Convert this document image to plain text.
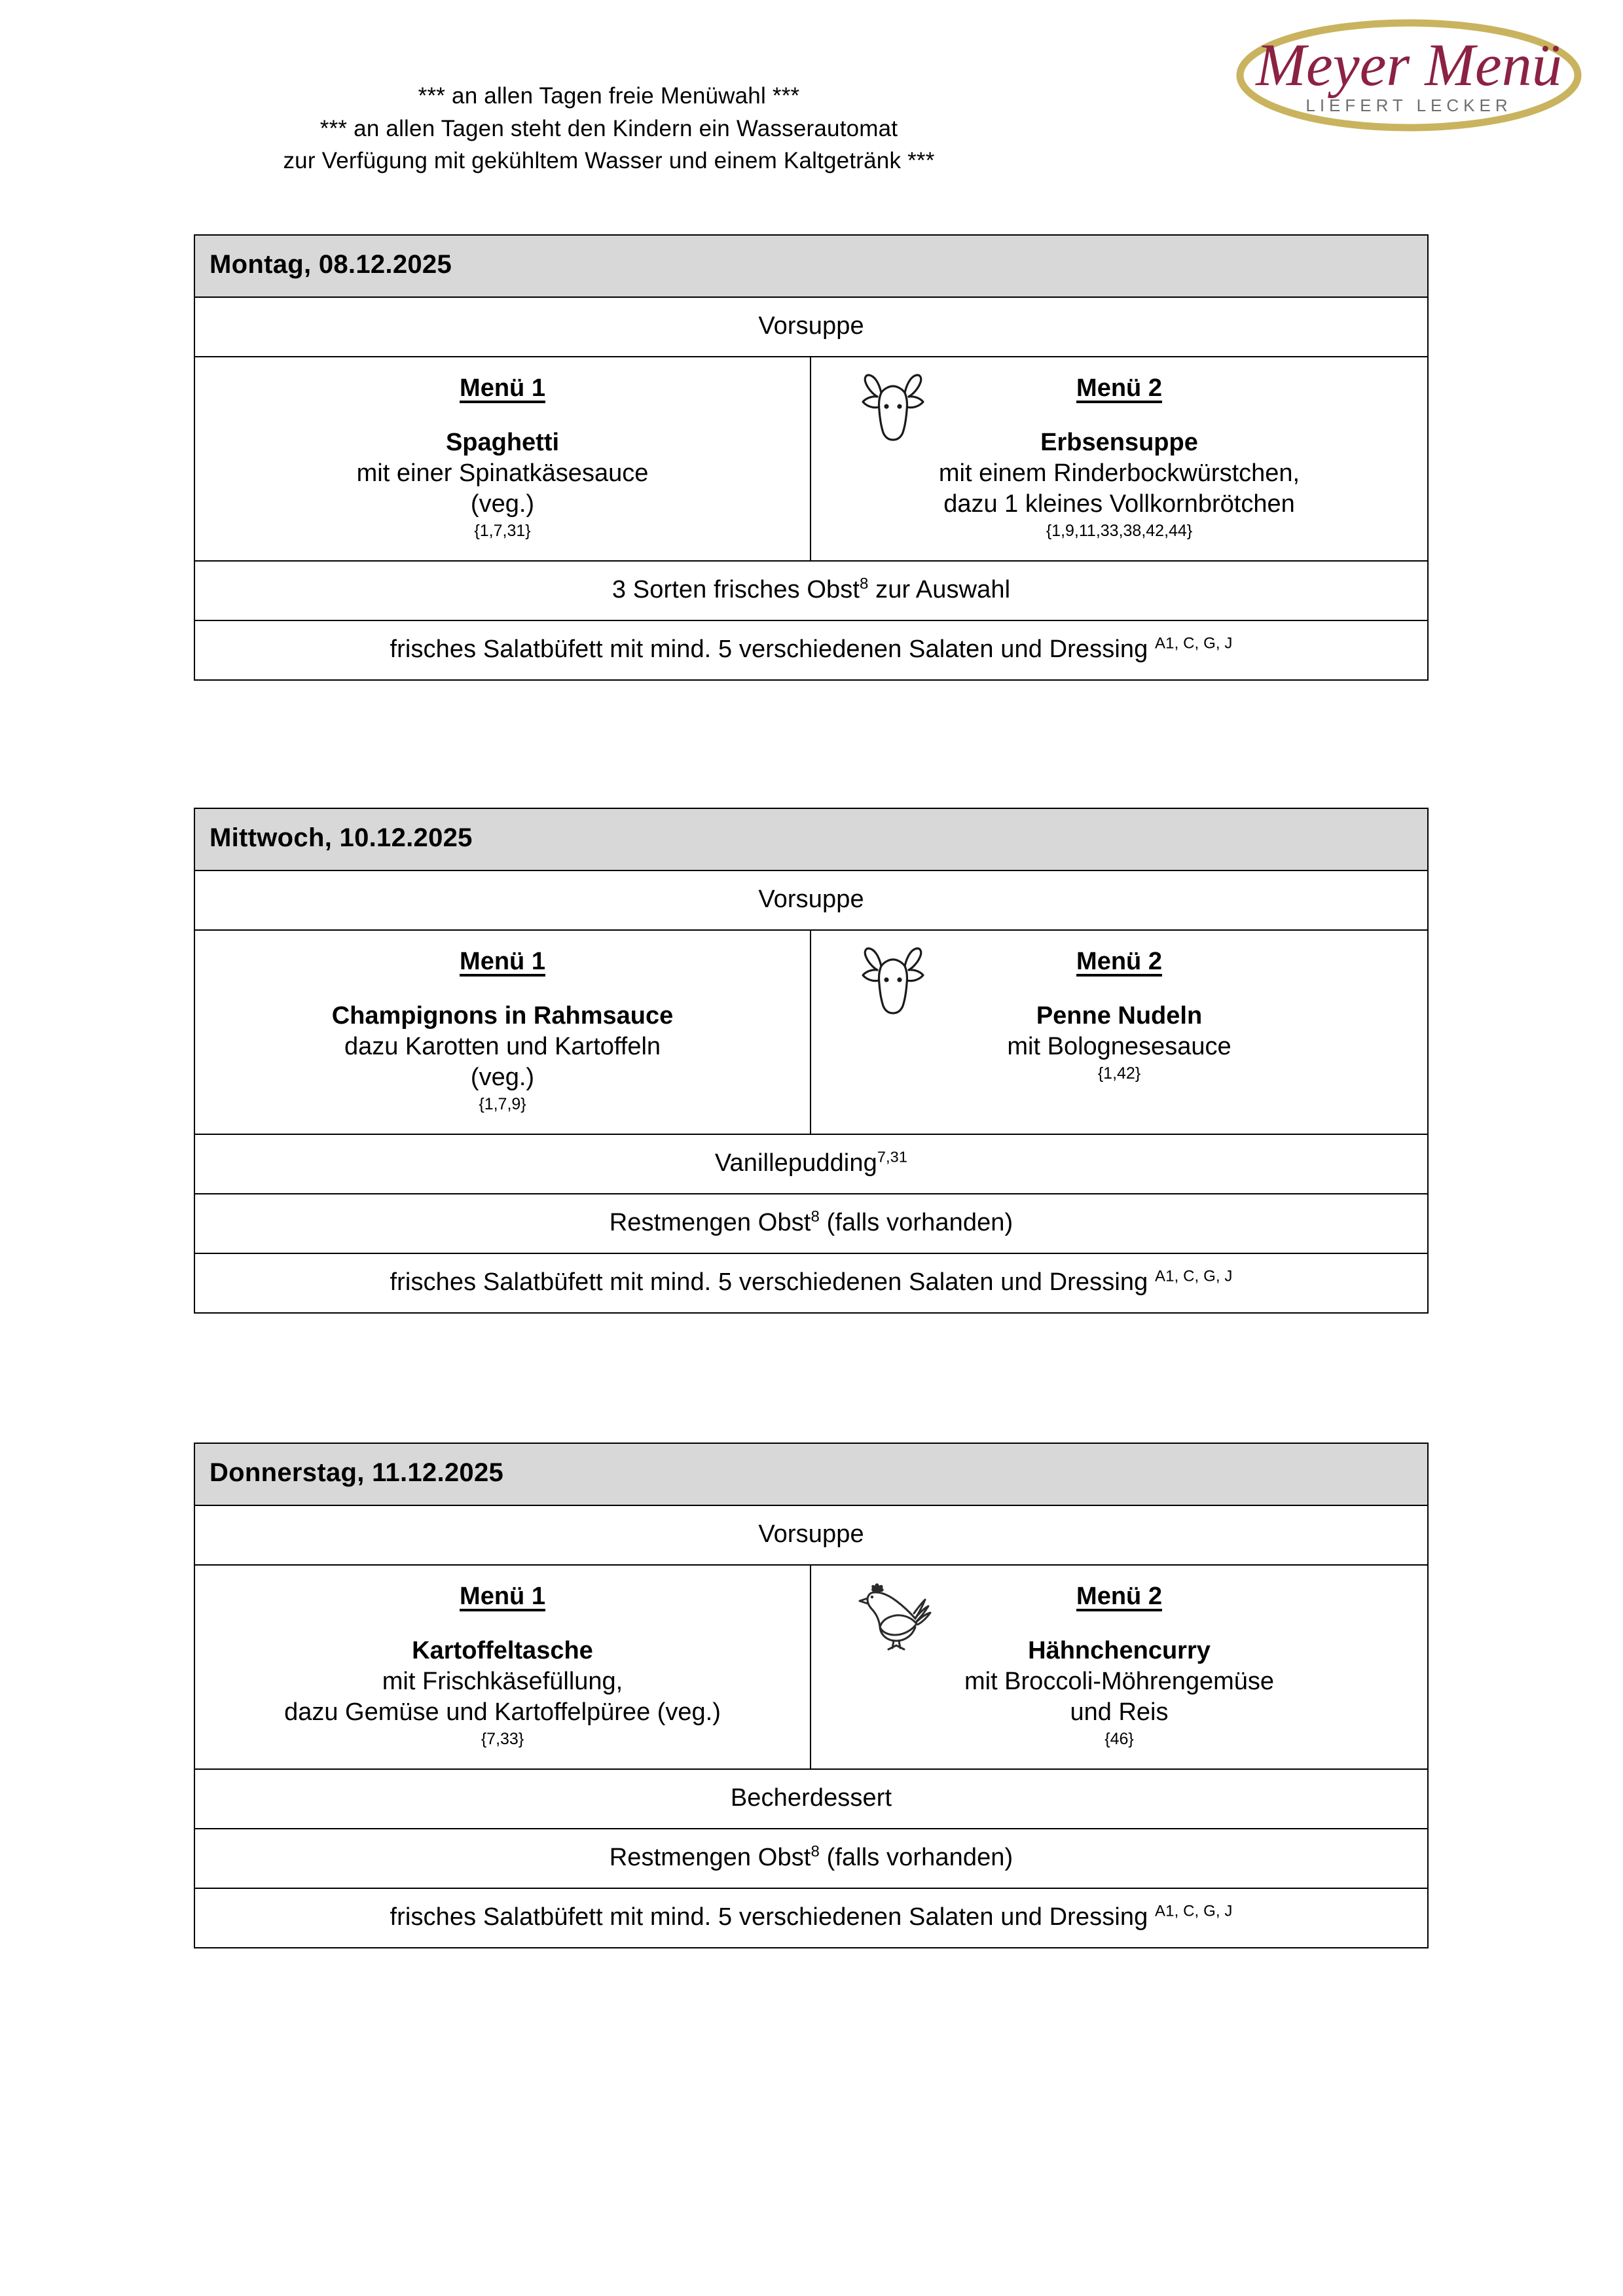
*** an allen Tagen freie Menüwahl ***
*** an allen Tagen steht den Kindern ein Wasserautomat
zur Verfügung mit gekühltem Wasser und einem Kaltgetränk ***
Meyer Menü
LIEFERT LECKER
Montag, 08.12.2025
Vorsuppe
Menü 1
Spaghetti
mit einer Spinatkäsesauce
(veg.)
{1,7,31}
Menü 2
Erbsensuppe
mit einem Rinderbockwürstchen,
dazu 1 kleines Vollkornbrötchen
{1,9,11,33,38,42,44}
3 Sorten frisches Obst$^8$ zur Auswahl
frisches Salatbüfett mit mind. 5 verschiedenen Salaten und Dressing $^{A1, C, G, J}$
Mittwoch, 10.12.2025
Vorsuppe
Menü 1
Champignons in Rahmsauce
dazu Karotten und Kartoffeln
(veg.)
{1,7,9}
Menü 2
Penne Nudeln
mit Bolognesesauce
{1,42}
Vanillepudding$^{7,31}$
Restmengen Obst$^8$ (falls vorhanden)
frisches Salatbüfett mit mind. 5 verschiedenen Salaten und Dressing $^{A1, C, G, J}$
Donnerstag, 11.12.2025
Vorsuppe
Menü 1
Kartoffeltasche
mit Frischkäsefüllung,
dazu Gemüse und Kartoffelpüree (veg.)
{7,33}
Menü 2
Hähnchencurry
mit Broccoli-Möhrengemüse
und Reis
{46}
Becherdessert
Restmengen Obst$^8$ (falls vorhanden)
frisches Salatbüfett mit mind. 5 verschiedenen Salaten und Dressing $^{A1, C, G, J}$
